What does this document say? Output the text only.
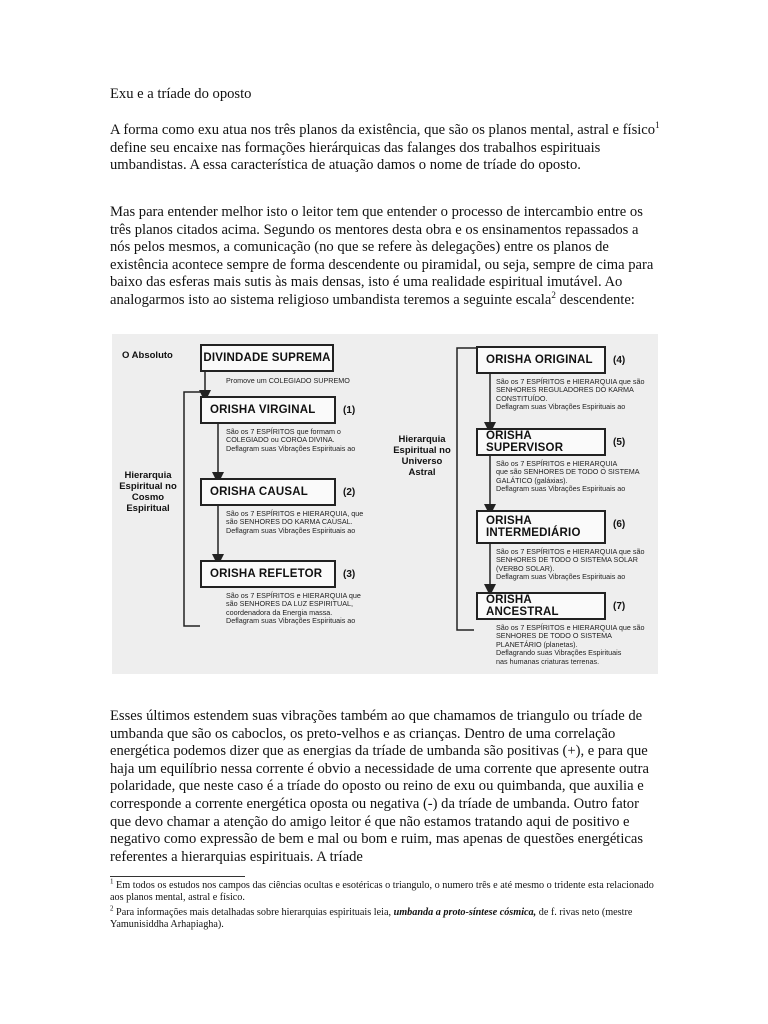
Exu e a tríade do oposto

A forma como exu atua nos três planos da existência, que são os planos mental, astral e físico$^1$ define seu encaixe nas formações hierárquicas das falanges dos trabalhos espirituais umbandistas. A essa característica de atuação damos o nome de tríade do oposto.

Mas para entender melhor isto o leitor tem que entender o processo de intercambio entre os três planos citados acima. Segundo os mentores desta obra e os ensinamentos repassados a nós pelos mesmos, a comunicação (no que se refere às delegações) entre os planos de existência acontece sempre de forma descendente ou piramidal, ou seja, sempre de cima para baixo das esferas mais sutis às mais densas, isto é uma realidade espiritual imutável. Ao analogarmos isto ao sistema religioso umbandista teremos a seguinte escala$^2$ descendente:

O Absoluto	DIVINDADE SUPREMA
Promove um COLEGIADO SUPREMO
Hierarquia Espiritual no Cosmo Espiritual
ORISHA VIRGINAL	(1)
São os 7 ESPÍRITOS que formam o
COLEGIADO ou COROA DIVINA.
Deflagram suas Vibrações Espirituais ao
ORISHA CAUSAL	(2)
São os 7 ESPÍRITOS e HIERARQUIA, que
são SENHORES DO KARMA CAUSAL.
Deflagram suas Vibrações Espirituais ao
ORISHA REFLETOR	(3)
São os 7 ESPÍRITOS e HIERARQUIA que
são SENHORES DA LUZ ESPIRITUAL,
coordenadora da Energia massa.
Deflagram suas Vibrações Espirituais ao
Hierarquia Espiritual no Universo Astral
ORISHA ORIGINAL	(4)
São os 7 ESPÍRITOS e HIERARQUIA que são
SENHORES REGULADORES DO KARMA
CONSTITUÍDO.
Deflagram suas Vibrações Espirituais ao
ORISHA SUPERVISOR	(5)
São os 7 ESPÍRITOS e HIERARQUIA
que são SENHORES DE TODO O SISTEMA
GALÁTICO (galáxias).
Deflagram suas Vibrações Espirituais ao
ORISHA
INTERMEDIÁRIO
(6)
São os 7 ESPÍRITOS e HIERARQUIA que são
SENHORES DE TODO O SISTEMA SOLAR
(VERBO SOLAR).
Deflagram suas Vibrações Espirituais ao
ORISHA ANCESTRAL	(7)
São os 7 ESPÍRITOS e HIERARQUIA que são
SENHORES DE TODO O SISTEMA
PLANETÁRIO (planetas).
Deflagrando suas Vibrações Espirituais
nas humanas criaturas terrenas.

Esses últimos estendem suas vibrações também ao que chamamos de triangulo ou tríade de umbanda que são os caboclos, os preto-velhos e as crianças. Dentro de uma correlação energética podemos dizer que as energias da tríade de umbanda são positivas (+), e para que haja um equilíbrio nessa corrente é obvio a necessidade de uma corrente que apresente outra polaridade, que neste caso é a tríade do oposto ou reino de exu ou quimbanda, que auxilia e corresponde a corrente energética oposta ou negativa (-) da tríade de umbanda. Outro fator que devo chamar a atenção do amigo leitor é que não estamos tratando aqui de positivo e negativo como expressão de bem e mal ou bom e ruim, mas apenas de questões energéticas referentes a hierarquias espirituais. A tríade

$^1$ Em todos os estudos nos campos das ciências ocultas e esotéricas o triangulo, o numero três e até mesmo o tridente esta relacionado aos planos mental, astral e físico.

$^2$ Para informações mais detalhadas sobre hierarquias espirituais leia, umbanda a proto-síntese cósmica, de f. rivas neto (mestre Yamunisiddha Arhapiagha).
